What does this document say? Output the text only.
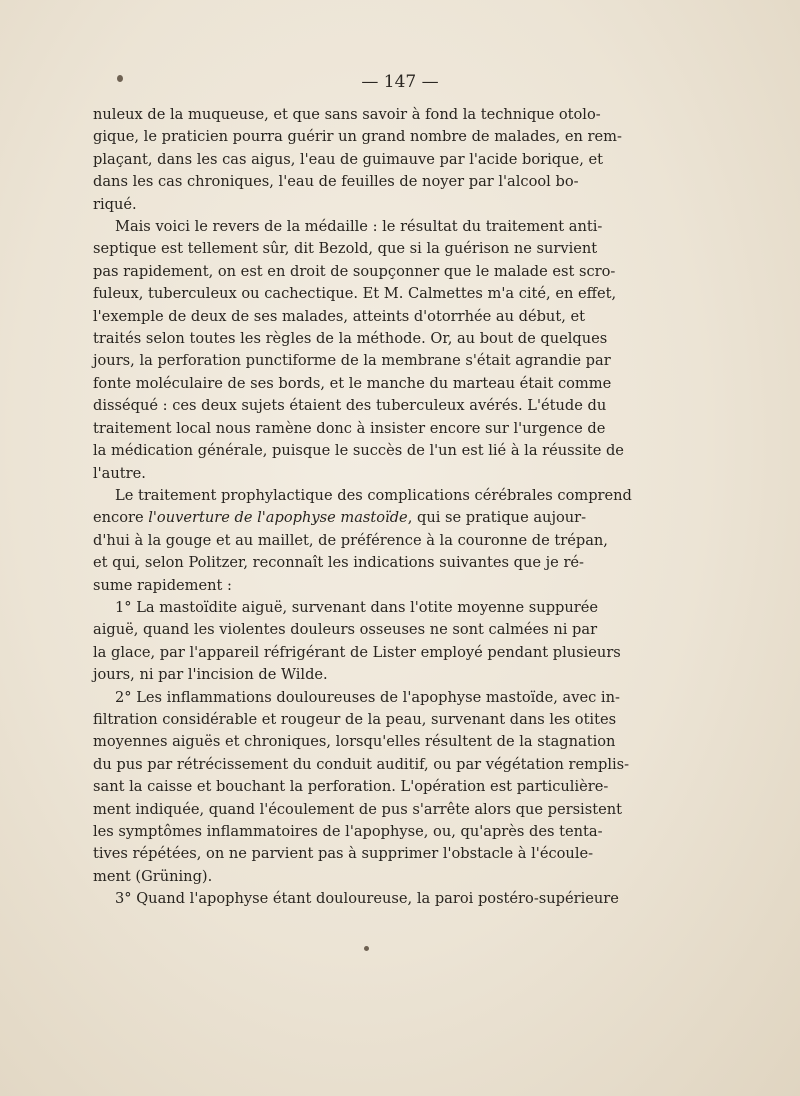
— 147 —
nuleux de la muqueuse, et que sans savoir à fond la technique otolo-
gique, le praticien pourra guérir un grand nombre de malades, en rem-
plaçant, dans les cas aigus, l'eau de guimauve par l'acide borique, et
dans les cas chroniques, l'eau de feuilles de noyer par l'alcool bo-
riqué.
Mais voici le revers de la médaille : le résultat du traitement anti-
septique est tellement sûr, dit Bezold, que si la guérison ne survient
pas rapidement, on est en droit de soupçonner que le malade est scro-
fuleux, tuberculeux ou cachectique. Et M. Calmettes m'a cité, en effet,
l'exemple de deux de ses malades, atteints d'otorrhée au début, et
traités selon toutes les règles de la méthode. Or, au bout de quelques
jours, la perforation punctiforme de la membrane s'était agrandie par
fonte moléculaire de ses bords, et le manche du marteau était comme
disséqué : ces deux sujets étaient des tuberculeux avérés. L'étude du
traitement local nous ramène donc à insister encore sur l'urgence de
la médication générale, puisque le succès de l'un est lié à la réussite de
l'autre.
Le traitement prophylactique des complications cérébrales comprend
encore l'ouverture de l'apophyse mastoïde, qui se pratique aujour-
d'hui à la gouge et au maillet, de préférence à la couronne de trépan,
et qui, selon Politzer, reconnaît les indications suivantes que je ré-
sume rapidement :
1° La mastoïdite aiguë, survenant dans l'otite moyenne suppurée
aiguë, quand les violentes douleurs osseuses ne sont calmées ni par
la glace, par l'appareil réfrigérant de Lister employé pendant plusieurs
jours, ni par l'incision de Wilde.
2° Les inflammations douloureuses de l'apophyse mastoïde, avec in-
filtration considérable et rougeur de la peau, survenant dans les otites
moyennes aiguës et chroniques, lorsqu'elles résultent de la stagnation
du pus par rétrécissement du conduit auditif, ou par végétation remplis-
sant la caisse et bouchant la perforation. L'opération est particulière-
ment indiquée, quand l'écoulement de pus s'arrête alors que persistent
les symptômes inflammatoires de l'apophyse, ou, qu'après des tenta-
tives répétées, on ne parvient pas à supprimer l'obstacle à l'écoule-
ment (Grüning).
3° Quand l'apophyse étant douloureuse, la paroi postéro-supérieure
